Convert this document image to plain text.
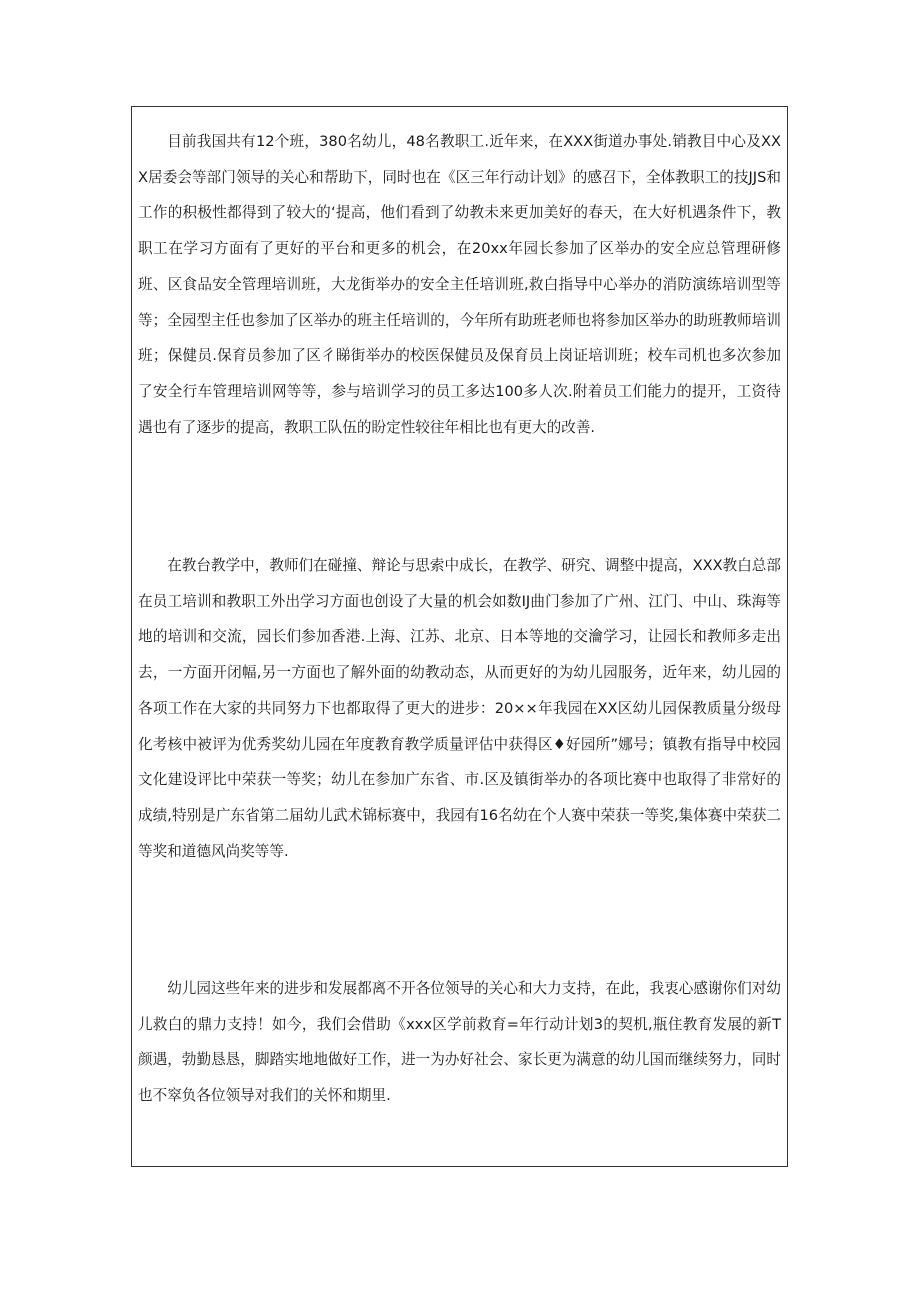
目前我国共有12个班，380名幼儿，48名教职工.近年来，在XXX街道办事处.销教目中心及XXX居委会等部门领导的关心和帮助下，同时也在《区三年行动计划》的感召下，全体教职工的技JJS和工作的积极性都得到了较大的‘提高，他们看到了幼教未来更加美好的春天，在大好机遇条件下，教职工在学习方面有了更好的平台和更多的机会，在20xx年园长参加了区举办的安全应总管理研修班、区食品安全管理培训班，大龙街举办的安全主任培训班,救白指导中心举办的消防演练培训型等等；全园型主任也参加了区举办的班主任培训的，今年所有助班老师也将参加区举办的助班教师培训班；保健员.保育员参加了区彳睇街举办的校医保健员及保育员上岗证培训班；校车司机也多次参加了安全行车管理培训网等等，参与培训学习的员工多达100多人次.附着员工们能力的提开，工资待遇也有了逐步的提高，教职工队伍的盼定性较往年相比也有更大的改善.

在教台教学中，教师们在碰撞、辩论与思索中成长，在教学、研究、调整中提高，XXX教白总部在员工培训和教职工外出学习方面也创设了大量的机会如数IJ曲门参加了广州、江门、中山、珠海等地的培训和交流，园长们参加香港.上海、江苏、北京、日本等地的交瀹学习，让园长和教师多走出去，一方面开闭幅,另一方面也了解外面的幼教动态，从而更好的为幼儿园服务，近年来，幼儿园的各项工作在大家的共同努力下也都取得了更大的进步：20××年我园在XX区幼儿园保教质量分级母化考核中被评为优秀奖幼儿园在年度教育教学质量评估中获得区♦好园所”娜号；镇教有指导中校园文化建设评比中荣获一等奖；幼儿在参加广东省、市.区及镇街举办的各项比赛中也取得了非常好的成绩,特别是广东省第二届幼儿武术锦标赛中，我园有16名幼在个人赛中荣获一等奖,集体赛中荣获二等奖和道德风尚奖等等.

幼儿园这些年来的进步和发展都离不开各位领导的关心和大力支持，在此，我衷心感谢你们对幼儿救白的鼎力支持！如今，我们会借助《xxx区学前救育=年行动计划3的契机,瓶住教育发展的新T颜遇，勃勤恳恳，脚踏实地地做好工作，进一为办好社会、家长更为满意的幼儿国而继续努力，同时也不窣负各位领导对我们的关怀和期里.
